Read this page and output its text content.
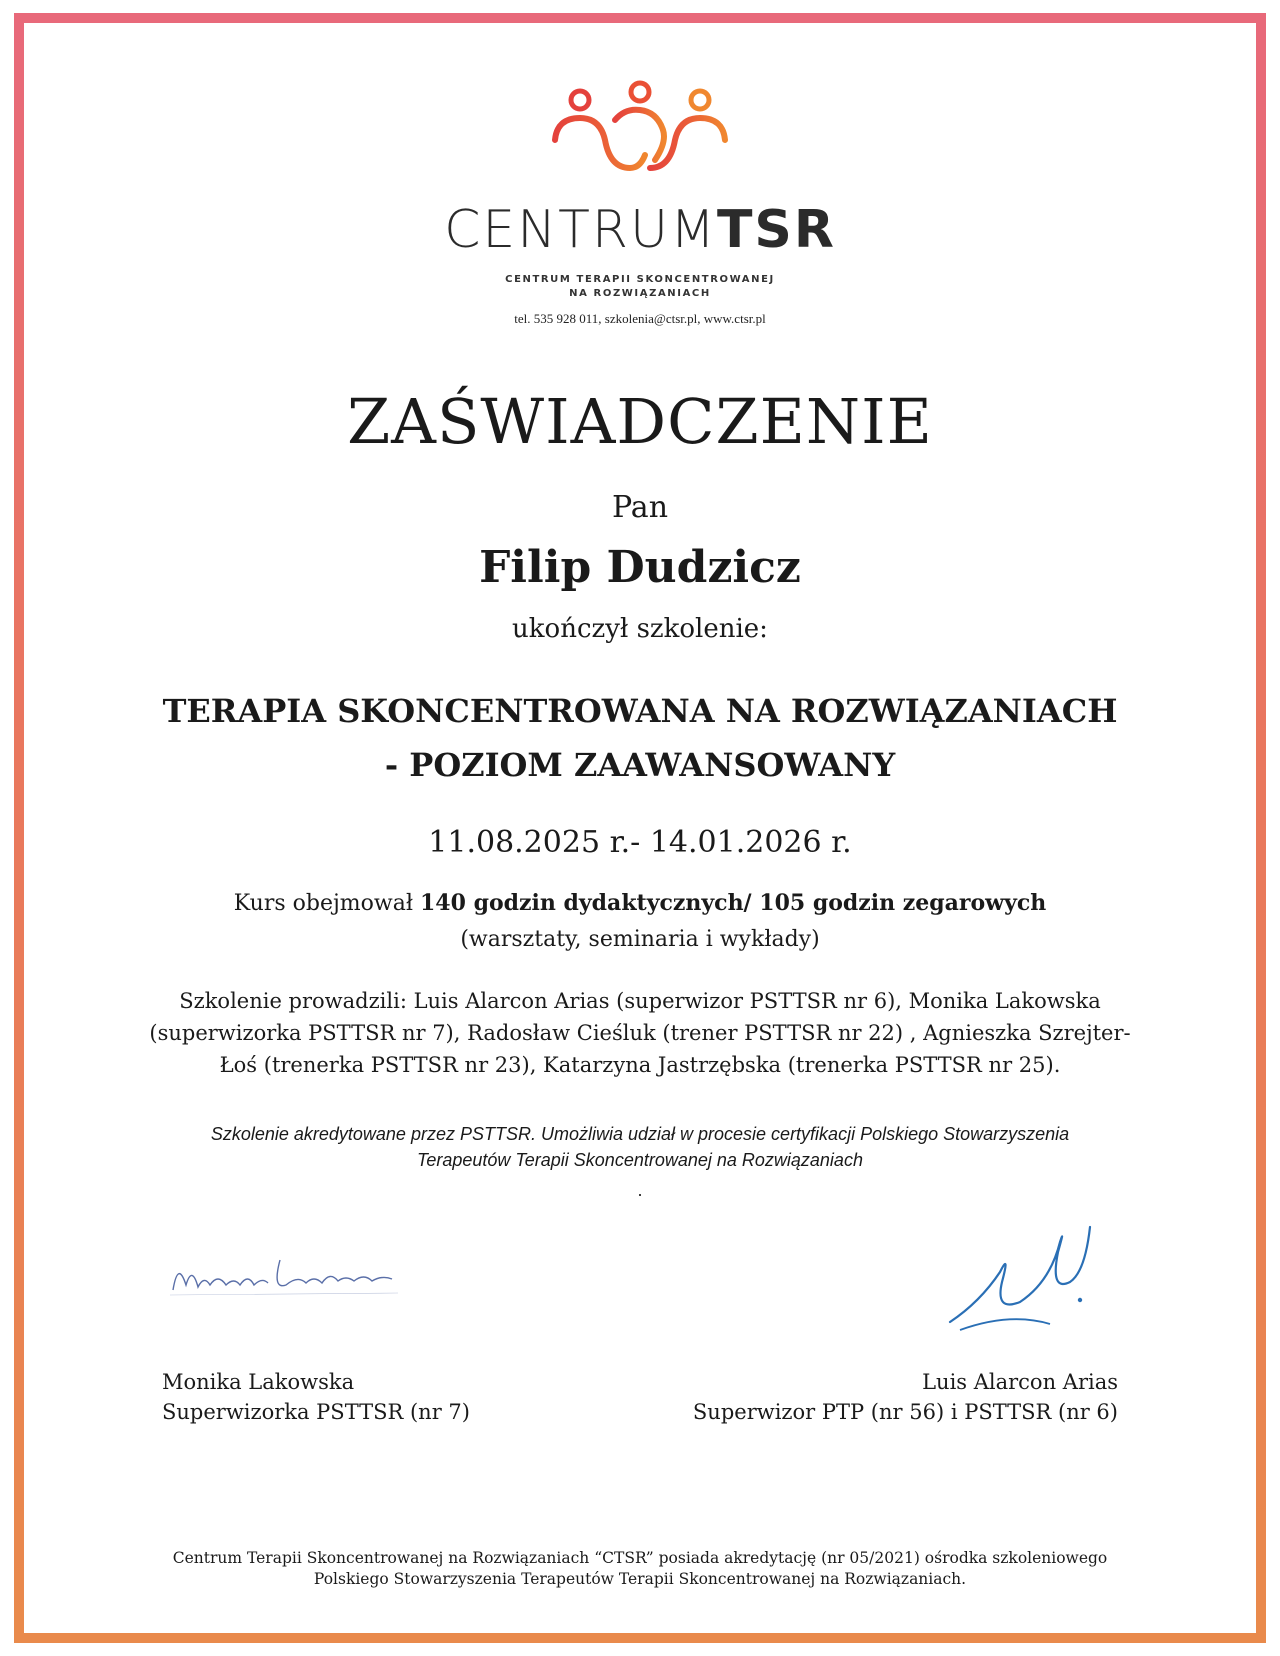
CENTRUMTSR
CENTRUM TERAPII SKONCENTROWANEJ
NA ROZWIĄZANIACH
tel. 535 928 011, szkolenia@ctsr.pl, www.ctsr.pl
ZAŚWIADCZENIE
Pan
Filip Dudzicz
ukończył szkolenie:
TERAPIA SKONCENTROWANA NA ROZWIĄZANIACH
- POZIOM ZAAWANSOWANY
11.08.2025 r.- 14.01.2026 r.
Kurs obejmował 140 godzin dydaktycznych/ 105 godzin zegarowych
(warsztaty, seminaria i wykłady)
Szkolenie prowadzili: Luis Alarcon Arias (superwizor PSTTSR nr 6), Monika Lakowska (superwizorka PSTTSR nr 7), Radosław Cieśluk (trener PSTTSR nr 22) , Agnieszka Szrejter-Łoś (trenerka PSTTSR nr 23), Katarzyna Jastrzębska (trenerka PSTTSR nr 25).
Szkolenie akredytowane przez PSTTSR. Umożliwia udział w procesie certyfikacji Polskiego Stowarzyszenia
Terapeutów Terapii Skoncentrowanej na Rozwiązaniach
.
Monika Lakowska
Superwizorka PSTTSR (nr 7)
Luis Alarcon Arias
Superwizor PTP (nr 56) i PSTTSR (nr 6)
Centrum Terapii Skoncentrowanej na Rozwiązaniach “CTSR” posiada akredytację (nr 05/2021) ośrodka szkoleniowego
Polskiego Stowarzyszenia Terapeutów Terapii Skoncentrowanej na Rozwiązaniach.
